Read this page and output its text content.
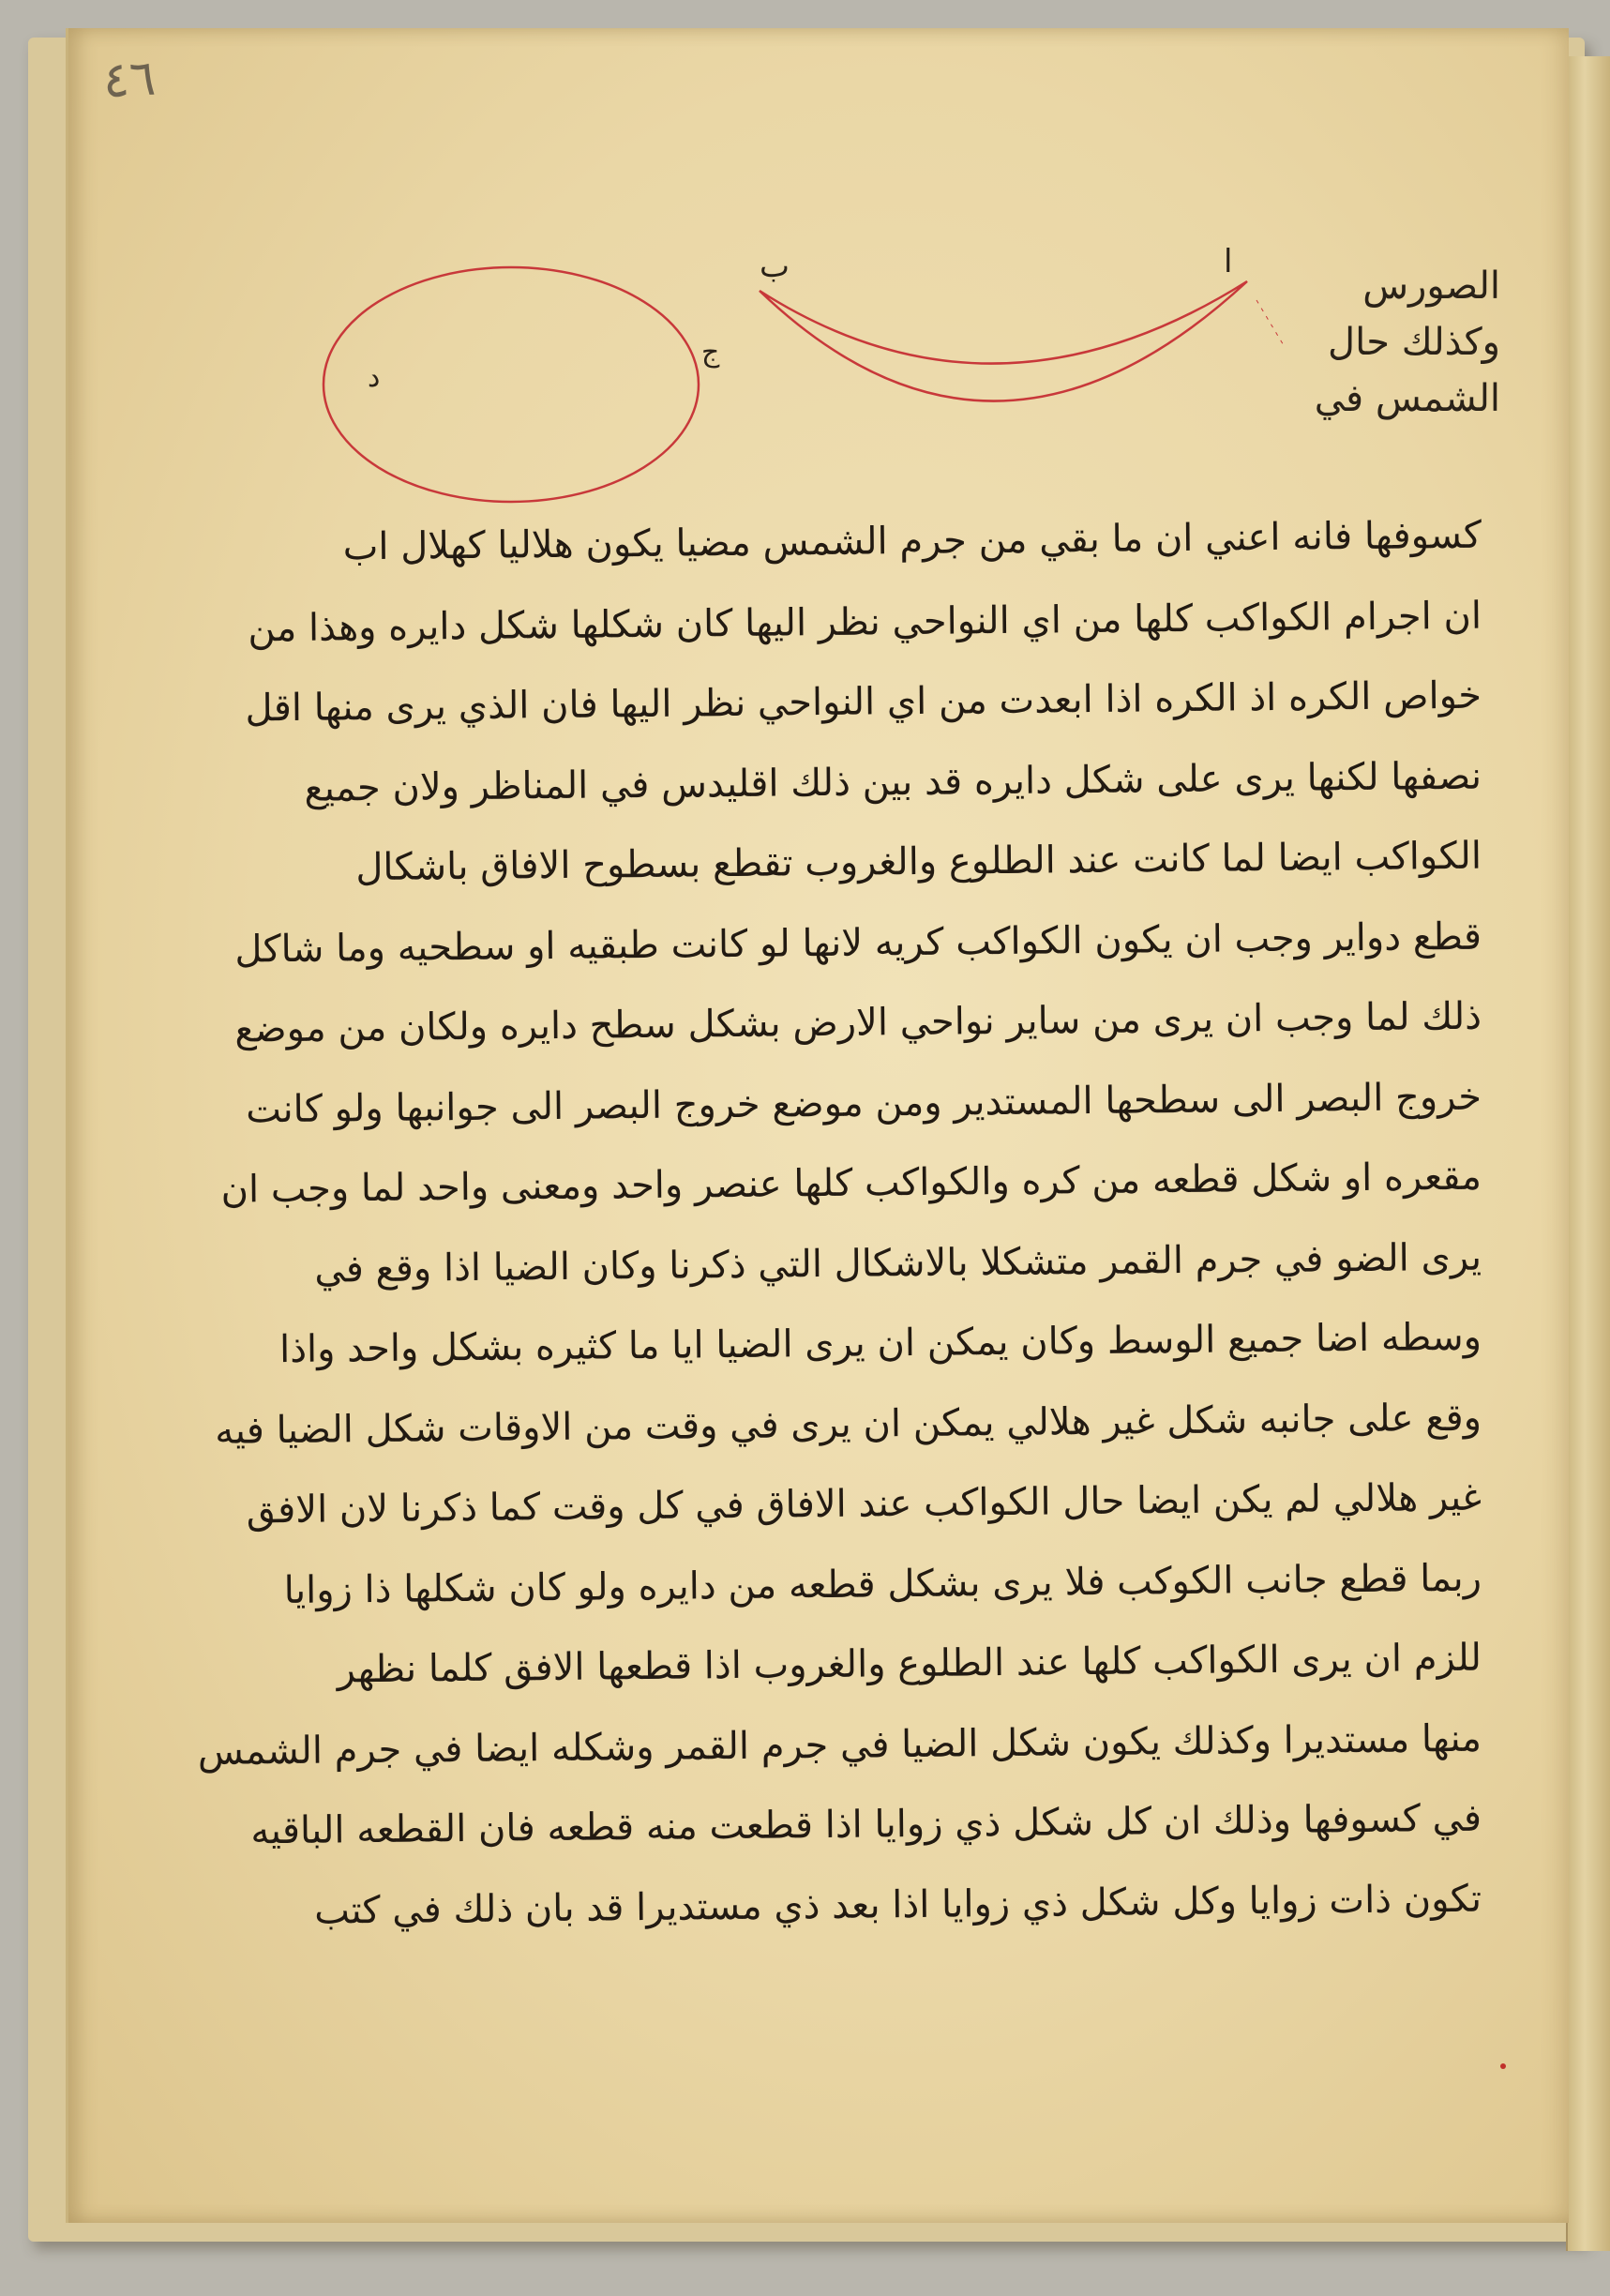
٤٦
ب	ا
ج
د
الصورس
وكذلك حال
الشمس في
كسوفها فانه اعني ان ما بقي من جرم الشمس مضيا يكون هلاليا كهلال اب
ان اجرام الكواكب كلها من اي النواحي نظر اليها كان شكلها شكل دايره وهذا من
خواص الكره اذ الكره اذا ابعدت من اي النواحي نظر اليها فان الذي يرى منها اقل
نصفها لكنها يرى على شكل دايره قد بين ذلك اقليدس في المناظر ولان جميع
الكواكب ايضا لما كانت عند الطلوع والغروب تقطع بسطوح الافاق باشكال
قطع دواير وجب ان يكون الكواكب كريه لانها لو كانت طبقيه او سطحيه وما شاكل
ذلك لما وجب ان يرى من ساير نواحي الارض بشكل سطح دايره ولكان من موضع
خروج البصر الى سطحها المستدير ومن موضع خروج البصر الى جوانبها ولو كانت
مقعره او شكل قطعه من كره والكواكب كلها عنصر واحد ومعنى واحد لما وجب ان
يرى الضو في جرم القمر متشكلا بالاشكال التي ذكرنا وكان الضيا اذا وقع في
وسطه اضا جميع الوسط وكان يمكن ان يرى الضيا ايا ما كثيره بشكل واحد واذا
وقع على جانبه شكل غير هلالي يمكن ان يرى في وقت من الاوقات شكل الضيا فيه
غير هلالي لم يكن ايضا حال الكواكب عند الافاق في كل وقت كما ذكرنا لان الافق
ربما قطع جانب الكوكب فلا يرى بشكل قطعه من دايره ولو كان شكلها ذا زوايا
للزم ان يرى الكواكب كلها عند الطلوع والغروب اذا قطعها الافق كلما نظهر
منها مستديرا وكذلك يكون شكل الضيا في جرم القمر وشكله ايضا في جرم الشمس
في كسوفها وذلك ان كل شكل ذي زوايا اذا قطعت منه قطعه فان القطعه الباقيه
تكون ذات زوايا وكل شكل ذي زوايا اذا بعد ذي مستديرا قد بان ذلك في كتب
